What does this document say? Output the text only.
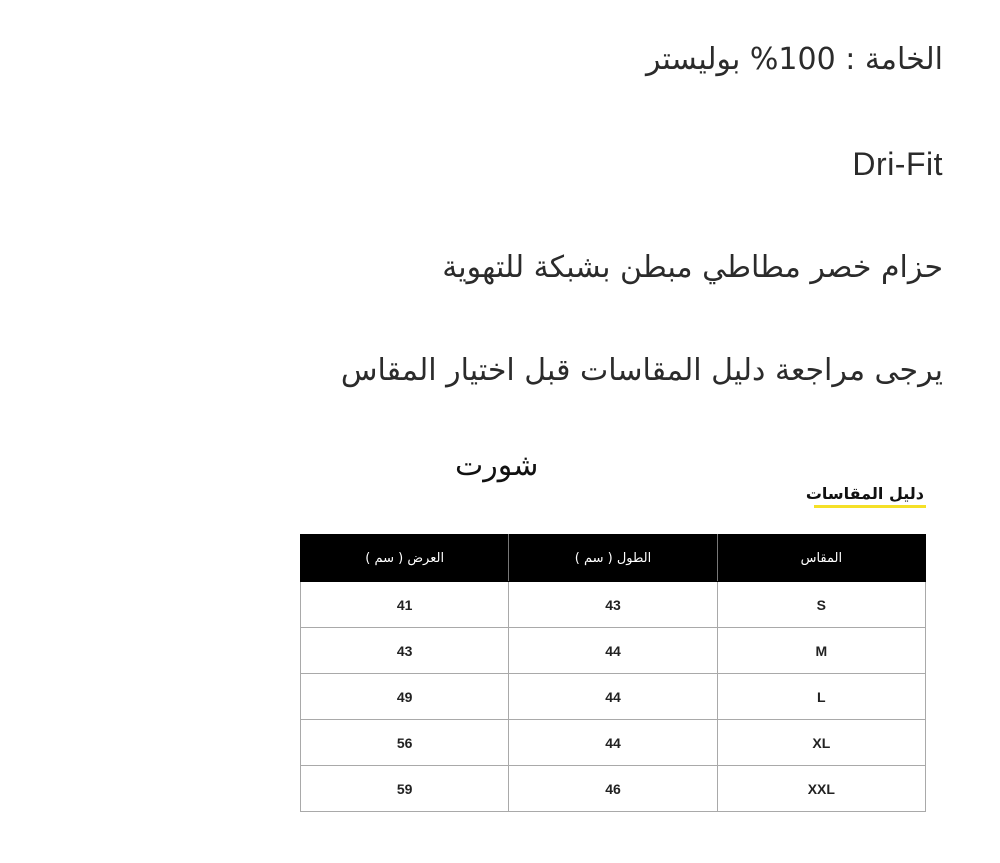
الخامة : 100% بوليستر

Dri-Fit

حزام خصر مطاطي مبطن بشبكة للتهوية

يرجى مراجعة دليل المقاسات قبل اختيار المقاس

شورت
دليل المقاسات
العرض ( سم )	الطول ( سم )	المقاس
41	43	S
43	44	M
49	44	L
56	44	XL
59	46	XXL
